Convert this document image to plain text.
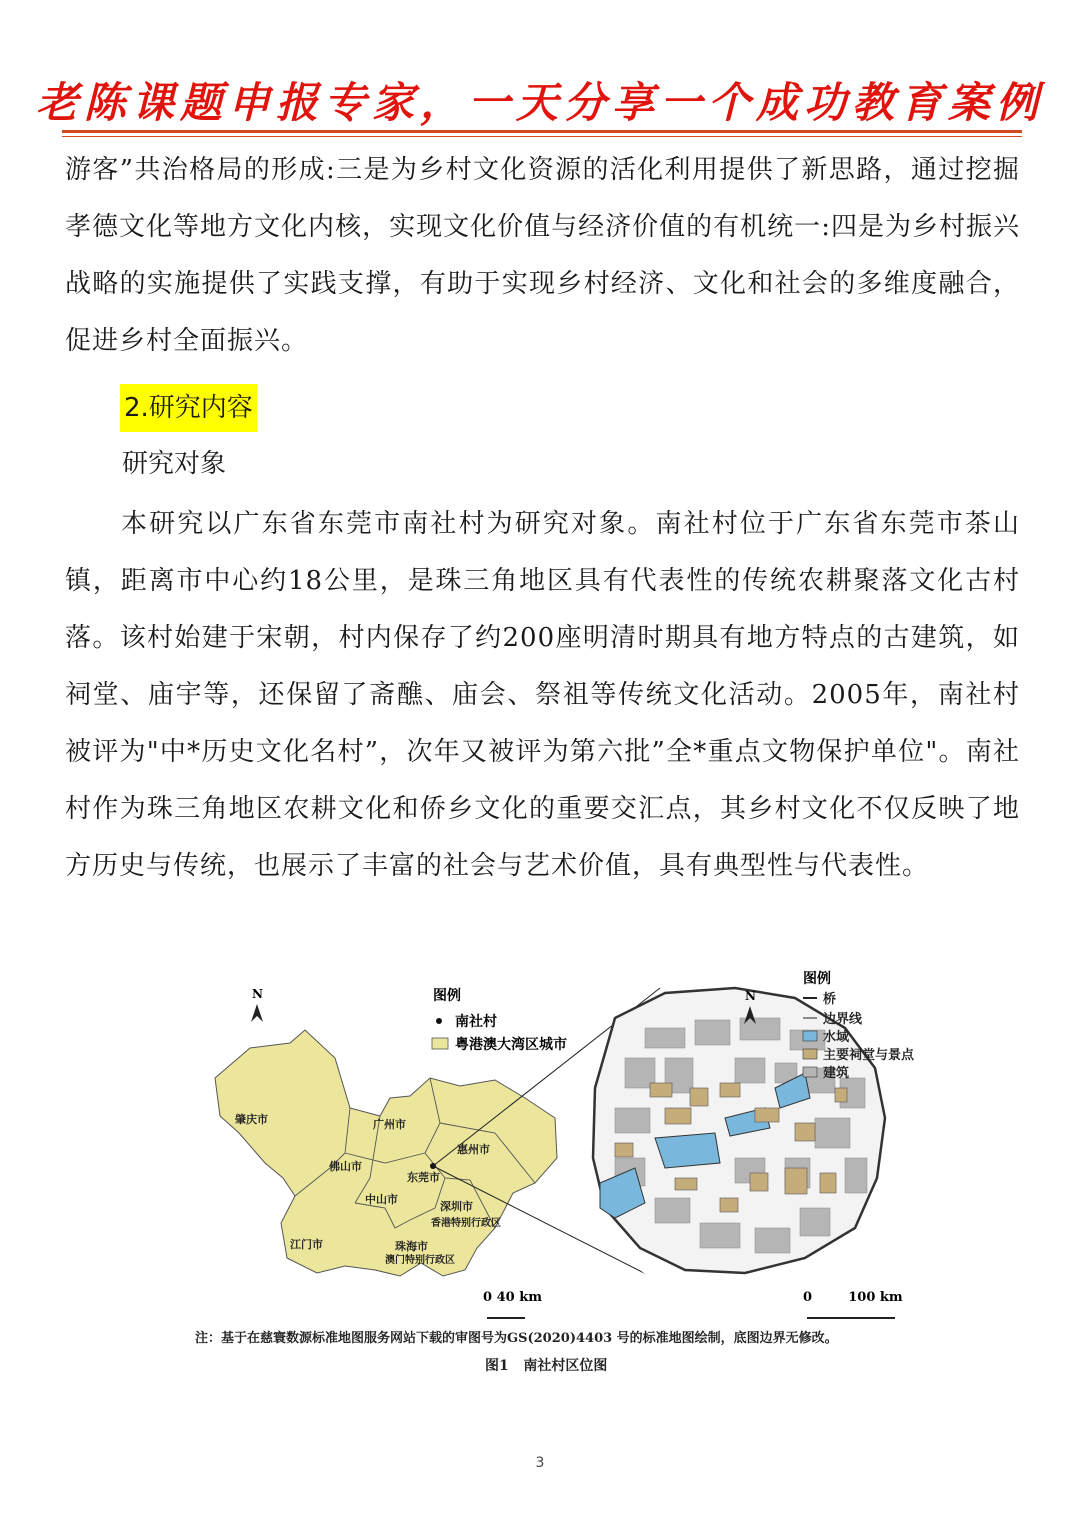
老陈课题申报专家，一天分享一个成功教育案例
游客”共治格局的形成:三是为乡村文化资源的活化利用提供了新思路，通过挖掘孝德文化等地方文化内核，实现文化价值与经济价值的有机统一:四是为乡村振兴战略的实施提供了实践支撑，有助于实现乡村经济、文化和社会的多维度融合，促进乡村全面振兴。
2.研究内容
研究对象
本研究以广东省东莞市南社村为研究对象。南社村位于广东省东莞市茶山镇，距离市中心约18公里，是珠三角地区具有代表性的传统农耕聚落文化古村落。该村始建于宋朝，村内保存了约200座明清时期具有地方特点的古建筑，如祠堂、庙宇等，还保留了斋醮、庙会、祭祖等传统文化活动。2005年，南社村被评为"中*历史文化名村”，次年又被评为第六批”全*重点文物保护单位"。南社村作为珠三角地区农耕文化和侨乡文化的重要交汇点，其乡村文化不仅反映了地方历史与传统，也展示了丰富的社会与艺术价值，具有典型性与代表性。
N	图例
南社村
粤港澳大湾区城市
肇庆市	广州市
惠州市
佛山市
东莞市
中山市
深圳市
江门市	珠海市
香港特别行政区
澳门特别行政区
0 40 km
N
图例
桥
边界线
水域
主要祠堂与景点
建筑
0        100 km
注：基于在慈寰数源标准地图服务网站下载的审图号为GS(2020)4403 号的标准地图绘制，底图边界无修改。
图1   南社村区位图
3
